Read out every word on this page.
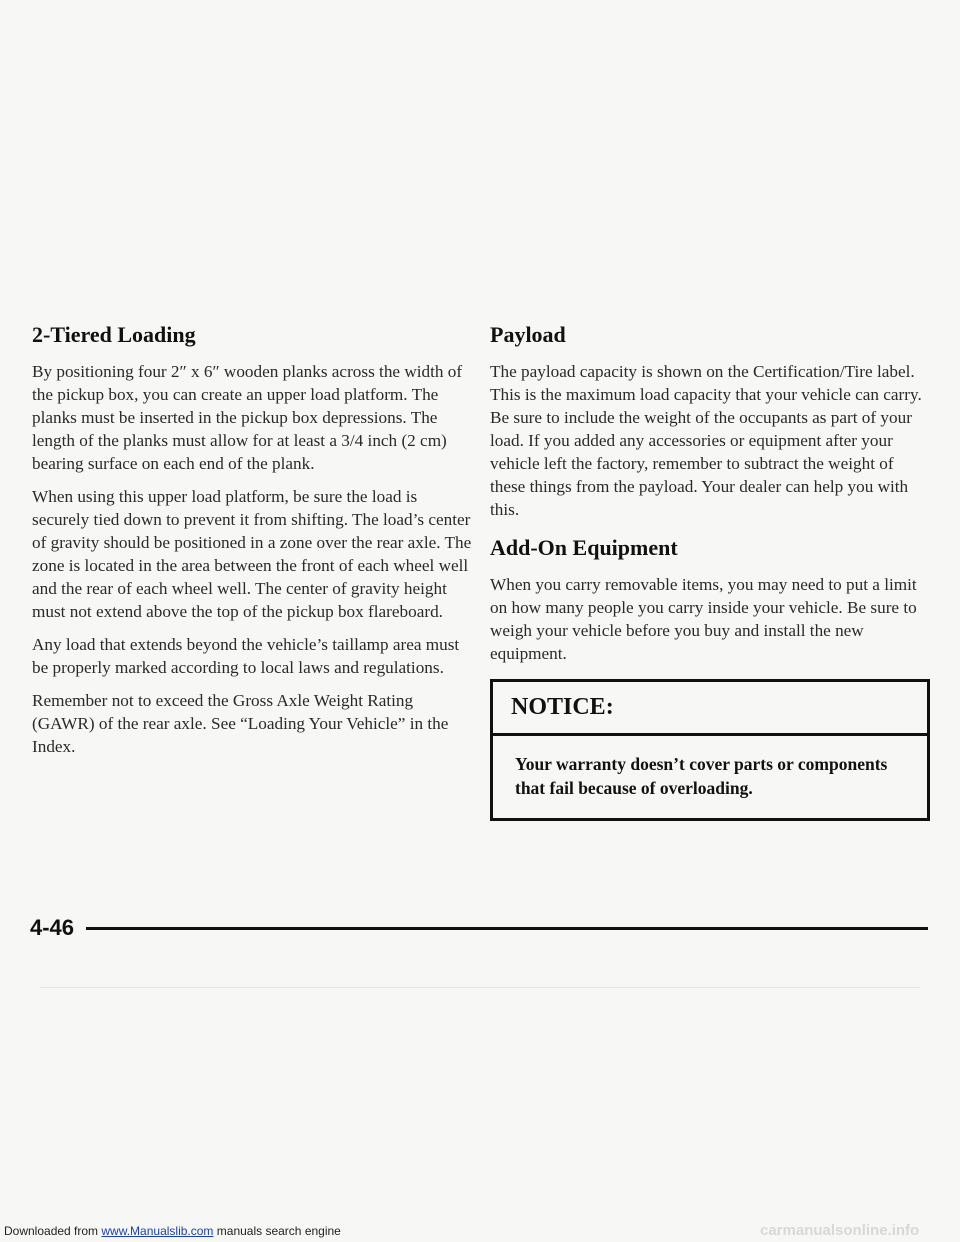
2-Tiered Loading

By positioning four 2″ x 6″ wooden planks across the width of the pickup box, you can create an upper load platform. The planks must be inserted in the pickup box depressions. The length of the planks must allow for at least a 3/4 inch (2 cm) bearing surface on each end of the plank.

When using this upper load platform, be sure the load is securely tied down to prevent it from shifting. The load’s center of gravity should be positioned in a zone over the rear axle. The zone is located in the area between the front of each wheel well and the rear of each wheel well. The center of gravity height must not extend above the top of the pickup box flareboard.

Any load that extends beyond the vehicle’s taillamp area must be properly marked according to local laws and regulations.

Remember not to exceed the Gross Axle Weight Rating (GAWR) of the rear axle. See “Loading Your Vehicle” in the Index.

Payload

The payload capacity is shown on the Certification/Tire label. This is the maximum load capacity that your vehicle can carry. Be sure to include the weight of the occupants as part of your load. If you added any accessories or equipment after your vehicle left the factory, remember to subtract the weight of these things from the payload. Your dealer can help you with this.

Add-On Equipment

When you carry removable items, you may need to put a limit on how many people you carry inside your vehicle. Be sure to weigh your vehicle before you buy and install the new equipment.

NOTICE:
Your warranty doesn’t cover parts or components that fail because of overloading.
4-46
Downloaded from www.Manualslib.com manuals search engine	carmanualsonline.info
